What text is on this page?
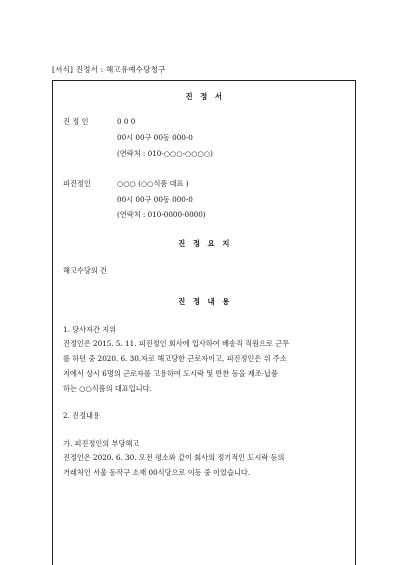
[서식] 진정서 : 해고유예수당청구
진 정 서
진 정 인	0 0 0
00시 00구 00동 000-0
(연락처 : 010-○○○-○○○○)
피진정인	○○○ (○○식품 대표 )
00시 00구 00동 000-0
(연락처 : 010-0000-0000)
진 정 요 지
해고수당의 건
진 정 내 용
1. 당사자간 지위
진정인은 2015. 5. 11. 피진정인 회사에 입사하여 배송직 직원으로 근무
를 하던 중 2020. 6. 30.자로 해고당한 근로자이고, 피진정인은 위 주소
지에서 상시 6명의 근로자를 고용하여 도시락 및 반찬 등을 제조·납품
하는 ○○식품의 대표입니다.
2. 진정내용
가. 피진정인의 부당해고
진정인은 2020. 6. 30. 오전 평소와 같이 회사의 정기적인 도시락 등의
거래처인 서울 동작구 소재 00식당으로 이동 중 이었습니다.
